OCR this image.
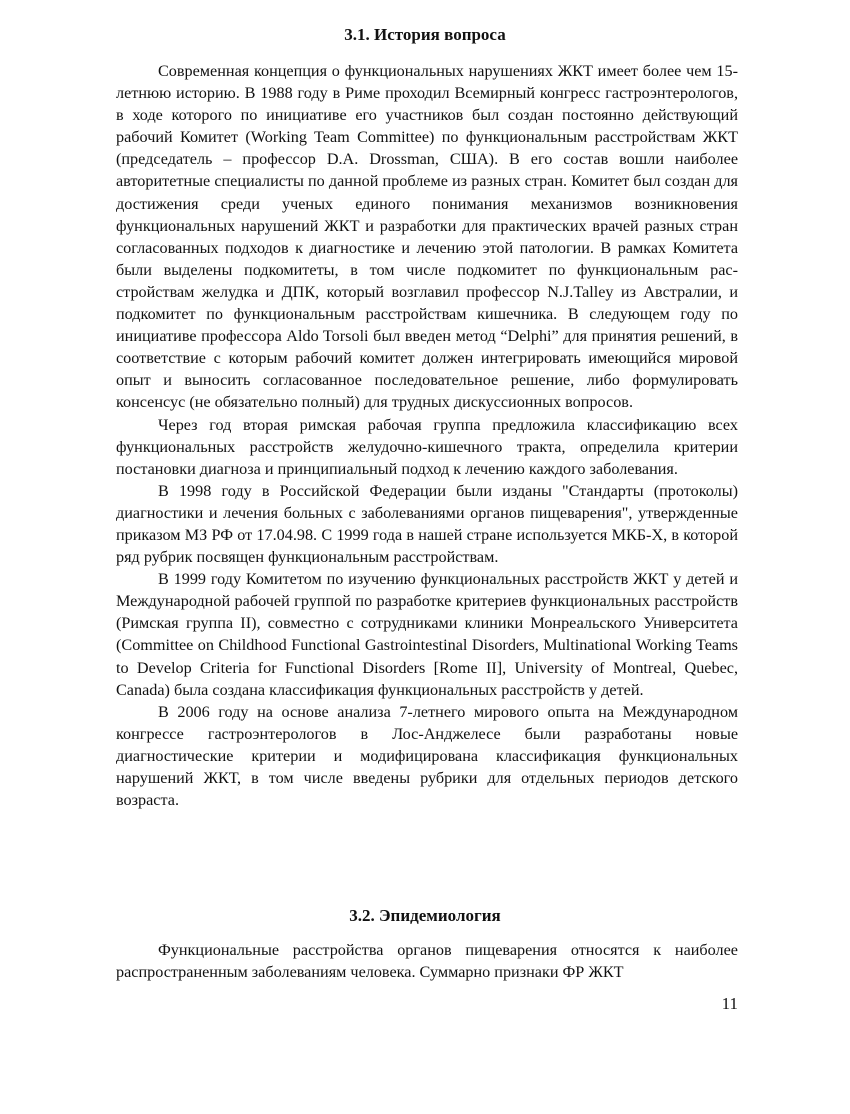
3.1. История вопроса

Современная концепция о функциональных нарушениях ЖКТ имеет более чем 15-летнюю историю. В 1988 году в Риме проходил Всемирный конгресс гастроэнтерологов, в ходе которого по инициативе его участников был создан постоянно действующий рабочий Комитет (Working Team Committee) по функциональным расстройствам ЖКТ (председатель – профессор D.A. Drossman, США). В его состав вошли наиболее авторитетные специалисты по данной проблеме из разных стран. Комитет был создан для достижения среди ученых единого понимания механизмов возникновения функциональных нарушений ЖКТ и разработки для практических врачей разных стран согласованных подходов к диагностике и лечению этой патологии. В рамках Комитета были выделены подкомитеты, в том числе подкомитет по функциональным расстройствам желудка и ДПК, который возглавил профессор N.J.Talley из Австралии, и подкомитет по функциональным расстройствам кишечника. В следующем году по инициативе профессора Aldo Torsoli был введен метод “Delphi” для принятия решений, в соответствие с которым рабочий комитет должен интегрировать имеющийся мировой опыт и выносить согласованное последовательное решение, либо формулировать консенсус (не обязательно полный) для трудных дискуссионных вопросов.

Через год вторая римская рабочая группа предложила классификацию всех функциональных расстройств желудочно-кишечного тракта, определила критерии постановки диагноза и принципиальный подход к лечению каждого заболевания.

В 1998 году в Российской Федерации были изданы "Стандарты (протоколы) диагностики и лечения больных с заболеваниями органов пищеварения", утвержденные приказом МЗ РФ от 17.04.98. С 1999 года в нашей стране используется МКБ-Х, в которой ряд рубрик посвящен функциональным расстройствам.

В 1999 году Комитетом по изучению функциональных расстройств ЖКТ у детей и Международной рабочей группой по разработке критериев функциональных расстройств (Римская группа II), совместно с сотрудниками клиники Монреальского Университета (Committee on Childhood Functional Gastrointestinal Disorders, Multinational Working Teams to Develop Criteria for Functional Disorders [Rome II], University of Montreal, Quebec, Canada) была создана классификация функциональных расстройств у детей.

В 2006 году на основе анализа 7-летнего мирового опыта на Международном конгрессе гастроэнтерологов в Лос-Анджелесе были разработаны новые диагностические критерии и модифицирована классификация функциональных нарушений ЖКТ, в том числе введены рубрики для отдельных периодов детского возраста.

3.2. Эпидемиология

Функциональные расстройства органов пищеварения относятся к наиболее распространенным заболеваниям человека. Суммарно признаки ФР ЖКТ

11
